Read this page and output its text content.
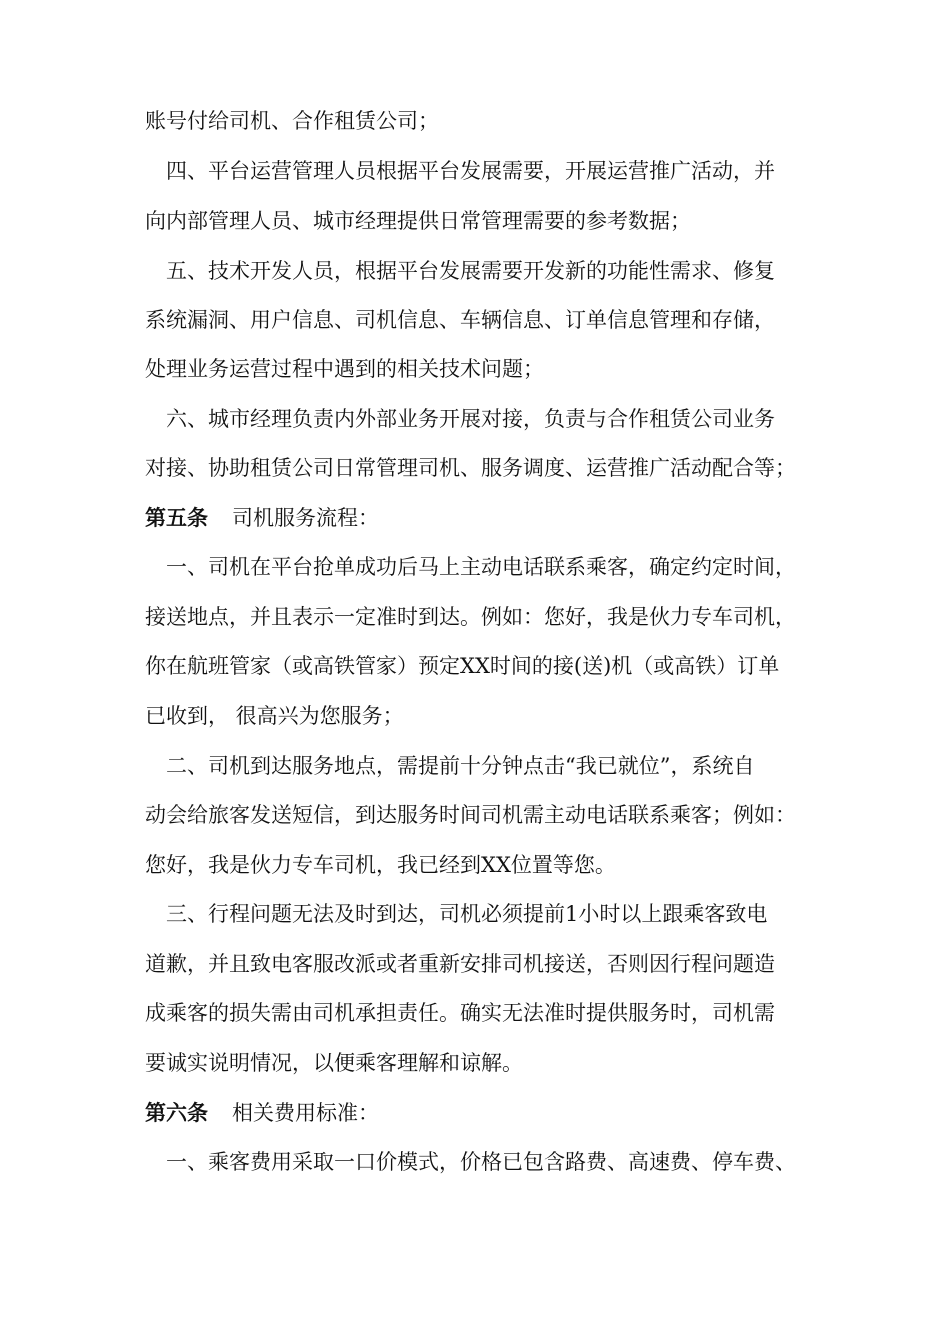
账号付给司机、合作租赁公司；
四、平台运营管理人员根据平台发展需要，开展运营推广活动，并
向内部管理人员、城市经理提供日常管理需要的参考数据；
五、技术开发人员，根据平台发展需要开发新的功能性需求、修复
系统漏洞、用户信息、司机信息、车辆信息、订单信息管理和存储，
处理业务运营过程中遇到的相关技术问题；
六、城市经理负责内外部业务开展对接，负责与合作租赁公司业务
对接、协助租赁公司日常管理司机、服务调度、运营推广活动配合等；
第五条 司机服务流程：
一、司机在平台抢单成功后马上主动电话联系乘客，确定约定时间，
接送地点，并且表示一定准时到达。例如：您好，我是伙力专车司机，
你在航班管家（或高铁管家）预定XX时间的接(送)机（或高铁）订单
已收到， 很高兴为您服务；
二、司机到达服务地点，需提前十分钟点击“我已就位”，系统自
动会给旅客发送短信，到达服务时间司机需主动电话联系乘客；例如：
您好，我是伙力专车司机，我已经到XX位置等您。
三、行程问题无法及时到达，司机必须提前1小时以上跟乘客致电
道歉，并且致电客服改派或者重新安排司机接送，否则因行程问题造
成乘客的损失需由司机承担责任。确实无法准时提供服务时，司机需
要诚实说明情况，以便乘客理解和谅解。
第六条 相关费用标准：
一、乘客费用采取一口价模式，价格已包含路费、高速费、停车费、
